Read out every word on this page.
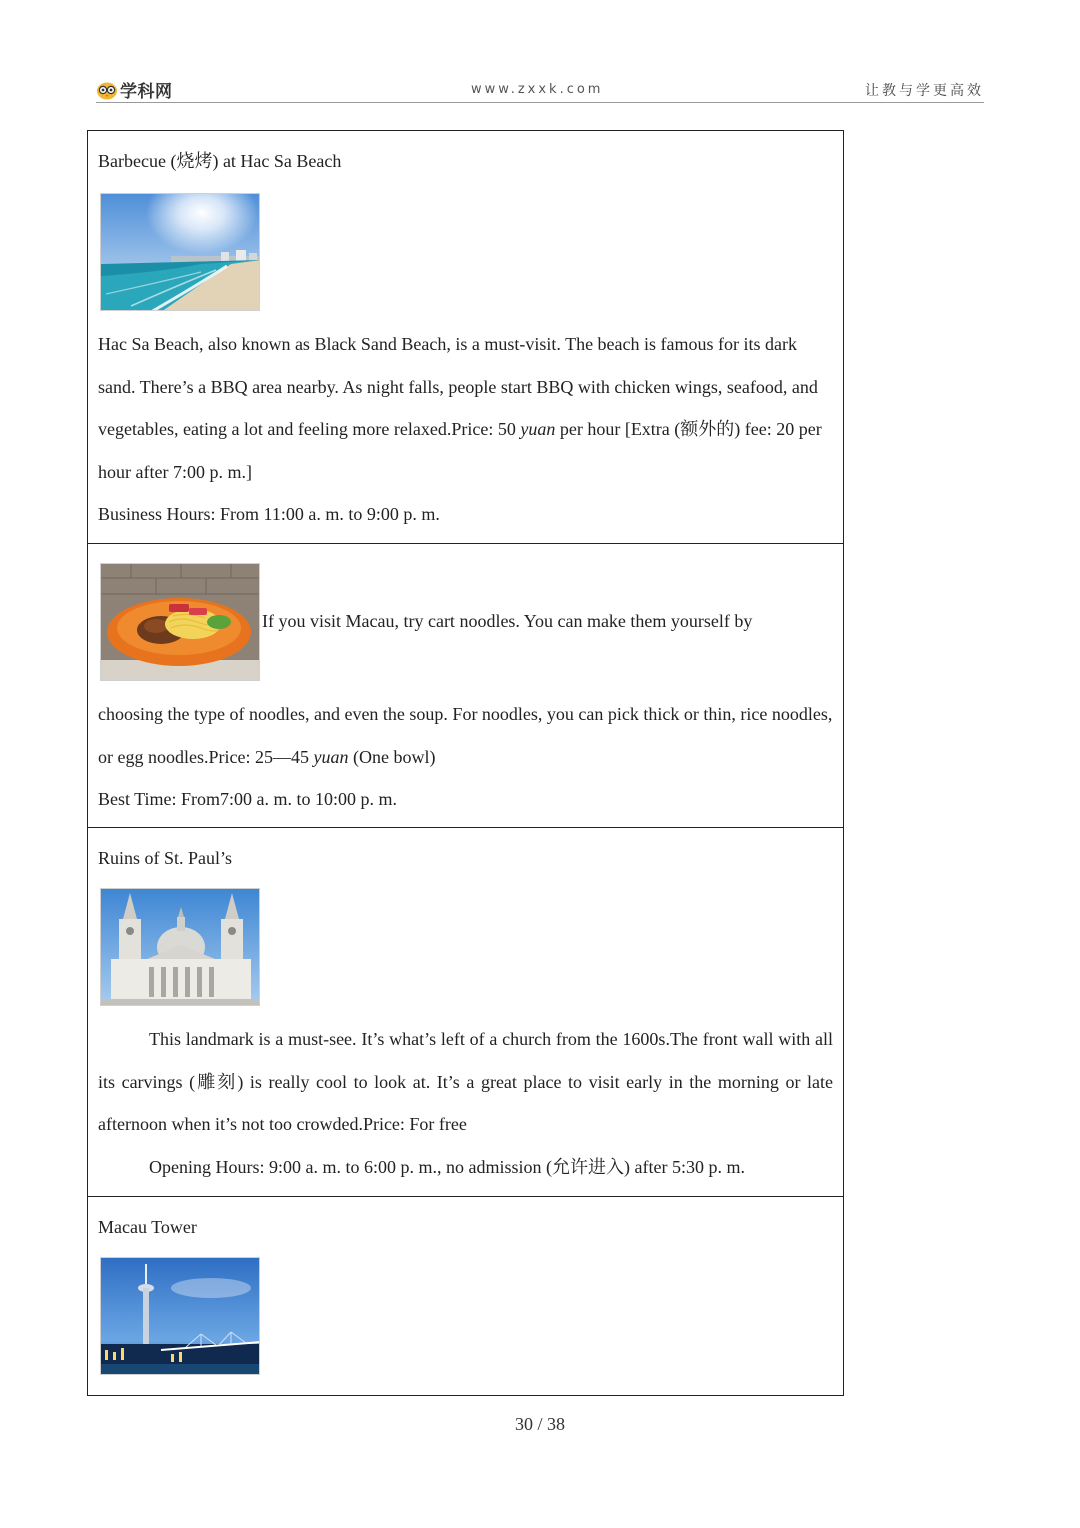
学科网	www.zxxk.com	让教与学更高效
Barbecue (烧烤) at Hac Sa Beach
Hac Sa Beach, also known as Black Sand Beach, is a must-visit. The beach is famous for its dark sand. There’s a BBQ area nearby. As night falls, people start BBQ with chicken wings, seafood, and vegetables, eating a lot and feeling more relaxed.Price: 50 yuan per hour [Extra (额外的) fee: 20 per hour after 7:00 p. m.]
Business Hours: From 11:00 a. m. to 9:00 p. m.
If you visit Macau, try cart noodles. You can make them yourself by
choosing the type of noodles, and even the soup. For noodles, you can pick thick or thin, rice noodles, or egg noodles.Price: 25—45 yuan (One bowl)
Best Time: From7:00 a. m. to 10:00 p. m.
Ruins of St. Paul’s
This landmark is a must-see. It’s what’s left of a church from the 1600s.The front wall with all its carvings (雕刻) is really cool to look at. It’s a great place to visit early in the morning or late afternoon when it’s not too crowded.Price: For free
Opening Hours: 9:00 a. m. to 6:00 p. m., no admission (允许进入) after 5:30 p. m.
Macau Tower
30 / 38
